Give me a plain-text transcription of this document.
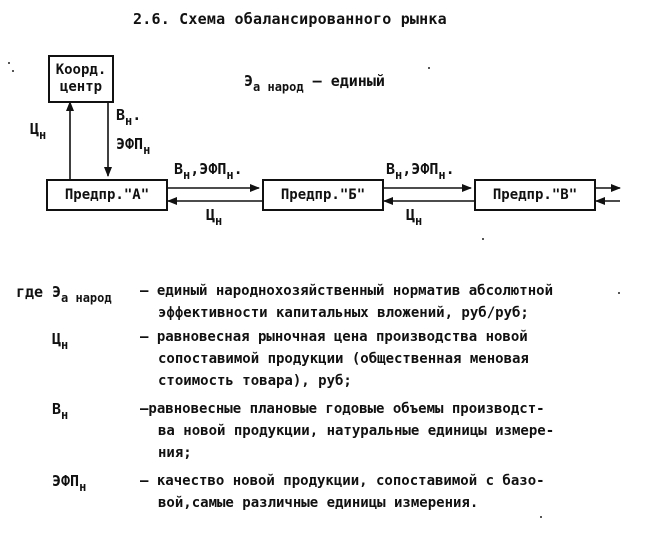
2.6. Схема обалансированного рынка
Коорд.
центр	$Э_{а народ}$ – единый
$Ц_н$
$В_н$.
$ЭФП_н$
$В_н,ЭФП_н$.
$Ц_н$
$В_н,ЭФП_н$.
$Ц_н$
Предпр."А"	Предпр."Б"	Предпр."В"
где $Э_{а народ}$ – единый народнохозяйственный норматив абсолютной
эффективности капитальных вложений, руб/руб;
$Ц_н$	– равновесная рыночная цена производства новой
сопоставимой продукции (общественная меновая
стоимость товара), руб;
$В_н$	–равновесные плановые годовые объемы производст-
ва новой продукции, натуральные единицы измере-
ния;
$ЭФП_н$	– качество новой продукции, сопоставимой с базо-
вой,самые различные единицы измерения.
